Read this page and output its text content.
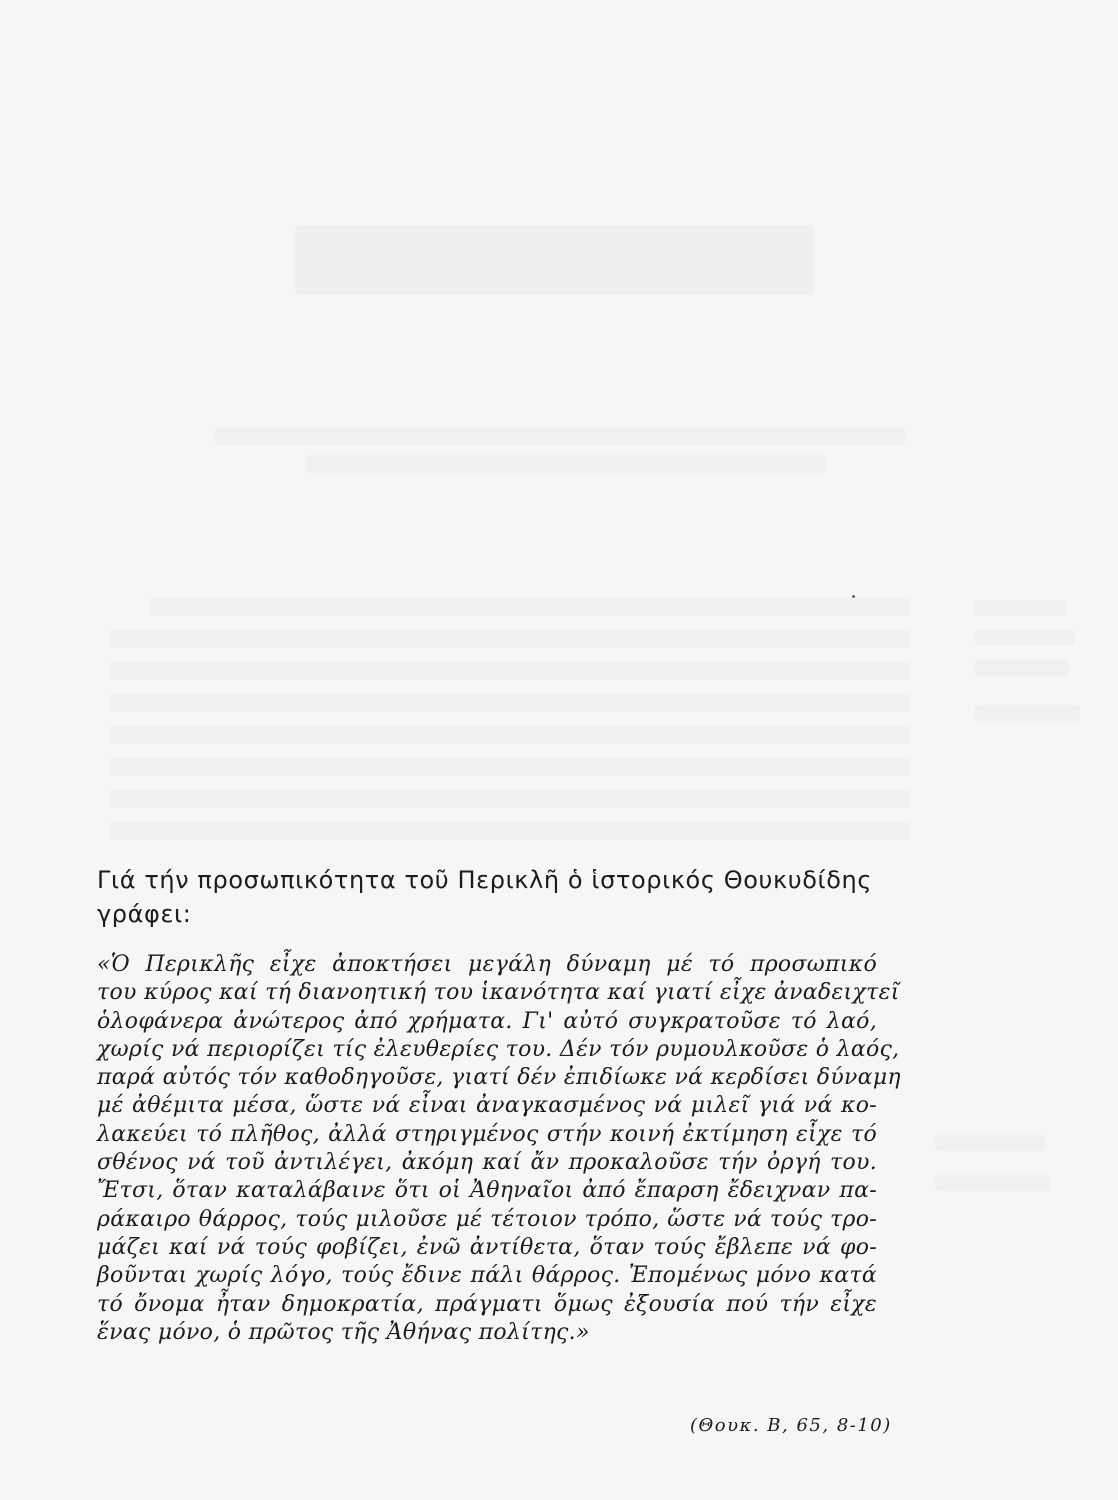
Γιά τήν προσωπικότητα τοῦ Περικλῆ ὁ ἱστορικός Θουκυδίδης
γράφει:

«Ὁ Περικλῆς εἶχε ἀποκτήσει μεγάλη δύναμη μέ τό προσωπικό
του κύρος καί τή διανοητική του ἱκανότητα καί γιατί εἶχε ἀναδειχτεῖ
ὁλοφάνερα ἀνώτερος ἀπό χρήματα. Γι' αὐτό συγκρατοῦσε τό λαό,
χωρίς νά περιορίζει τίς ἐλευθερίες του. Δέν τόν ρυμουλκοῦσε ὁ λαός,
παρά αὐτός τόν καθοδηγοῦσε, γιατί δέν ἐπιδίωκε νά κερδίσει δύναμη
μέ ἀθέμιτα μέσα, ὥστε νά εἶναι ἀναγκασμένος νά μιλεῖ γιά νά κο-
λακεύει τό πλῆθος, ἀλλά στηριγμένος στήν κοινή ἐκτίμηση εἶχε τό
σθένος νά τοῦ ἀντιλέγει, ἀκόμη καί ἄν προκαλοῦσε τήν ὀργή του.
Ἔτσι, ὅταν καταλάβαινε ὅτι οἱ Ἀθηναῖοι ἀπό ἔπαρση ἔδειχναν πα-
ράκαιρο θάρρος, τούς μιλοῦσε μέ τέτοιον τρόπο, ὥστε νά τούς τρο-
μάζει καί νά τούς φοβίζει, ἐνῶ ἀντίθετα, ὅταν τούς ἔβλεπε νά φο-
βοῦνται χωρίς λόγο, τούς ἔδινε πάλι θάρρος. Ἐπομένως μόνο κατά
τό ὄνομα ἦταν δημοκρατία, πράγματι ὅμως ἐξουσία πού τήν εἶχε
ἕνας μόνο, ὁ πρῶτος τῆς Ἀθήνας πολίτης.»
(Θουκ. Β, 65, 8-10)
